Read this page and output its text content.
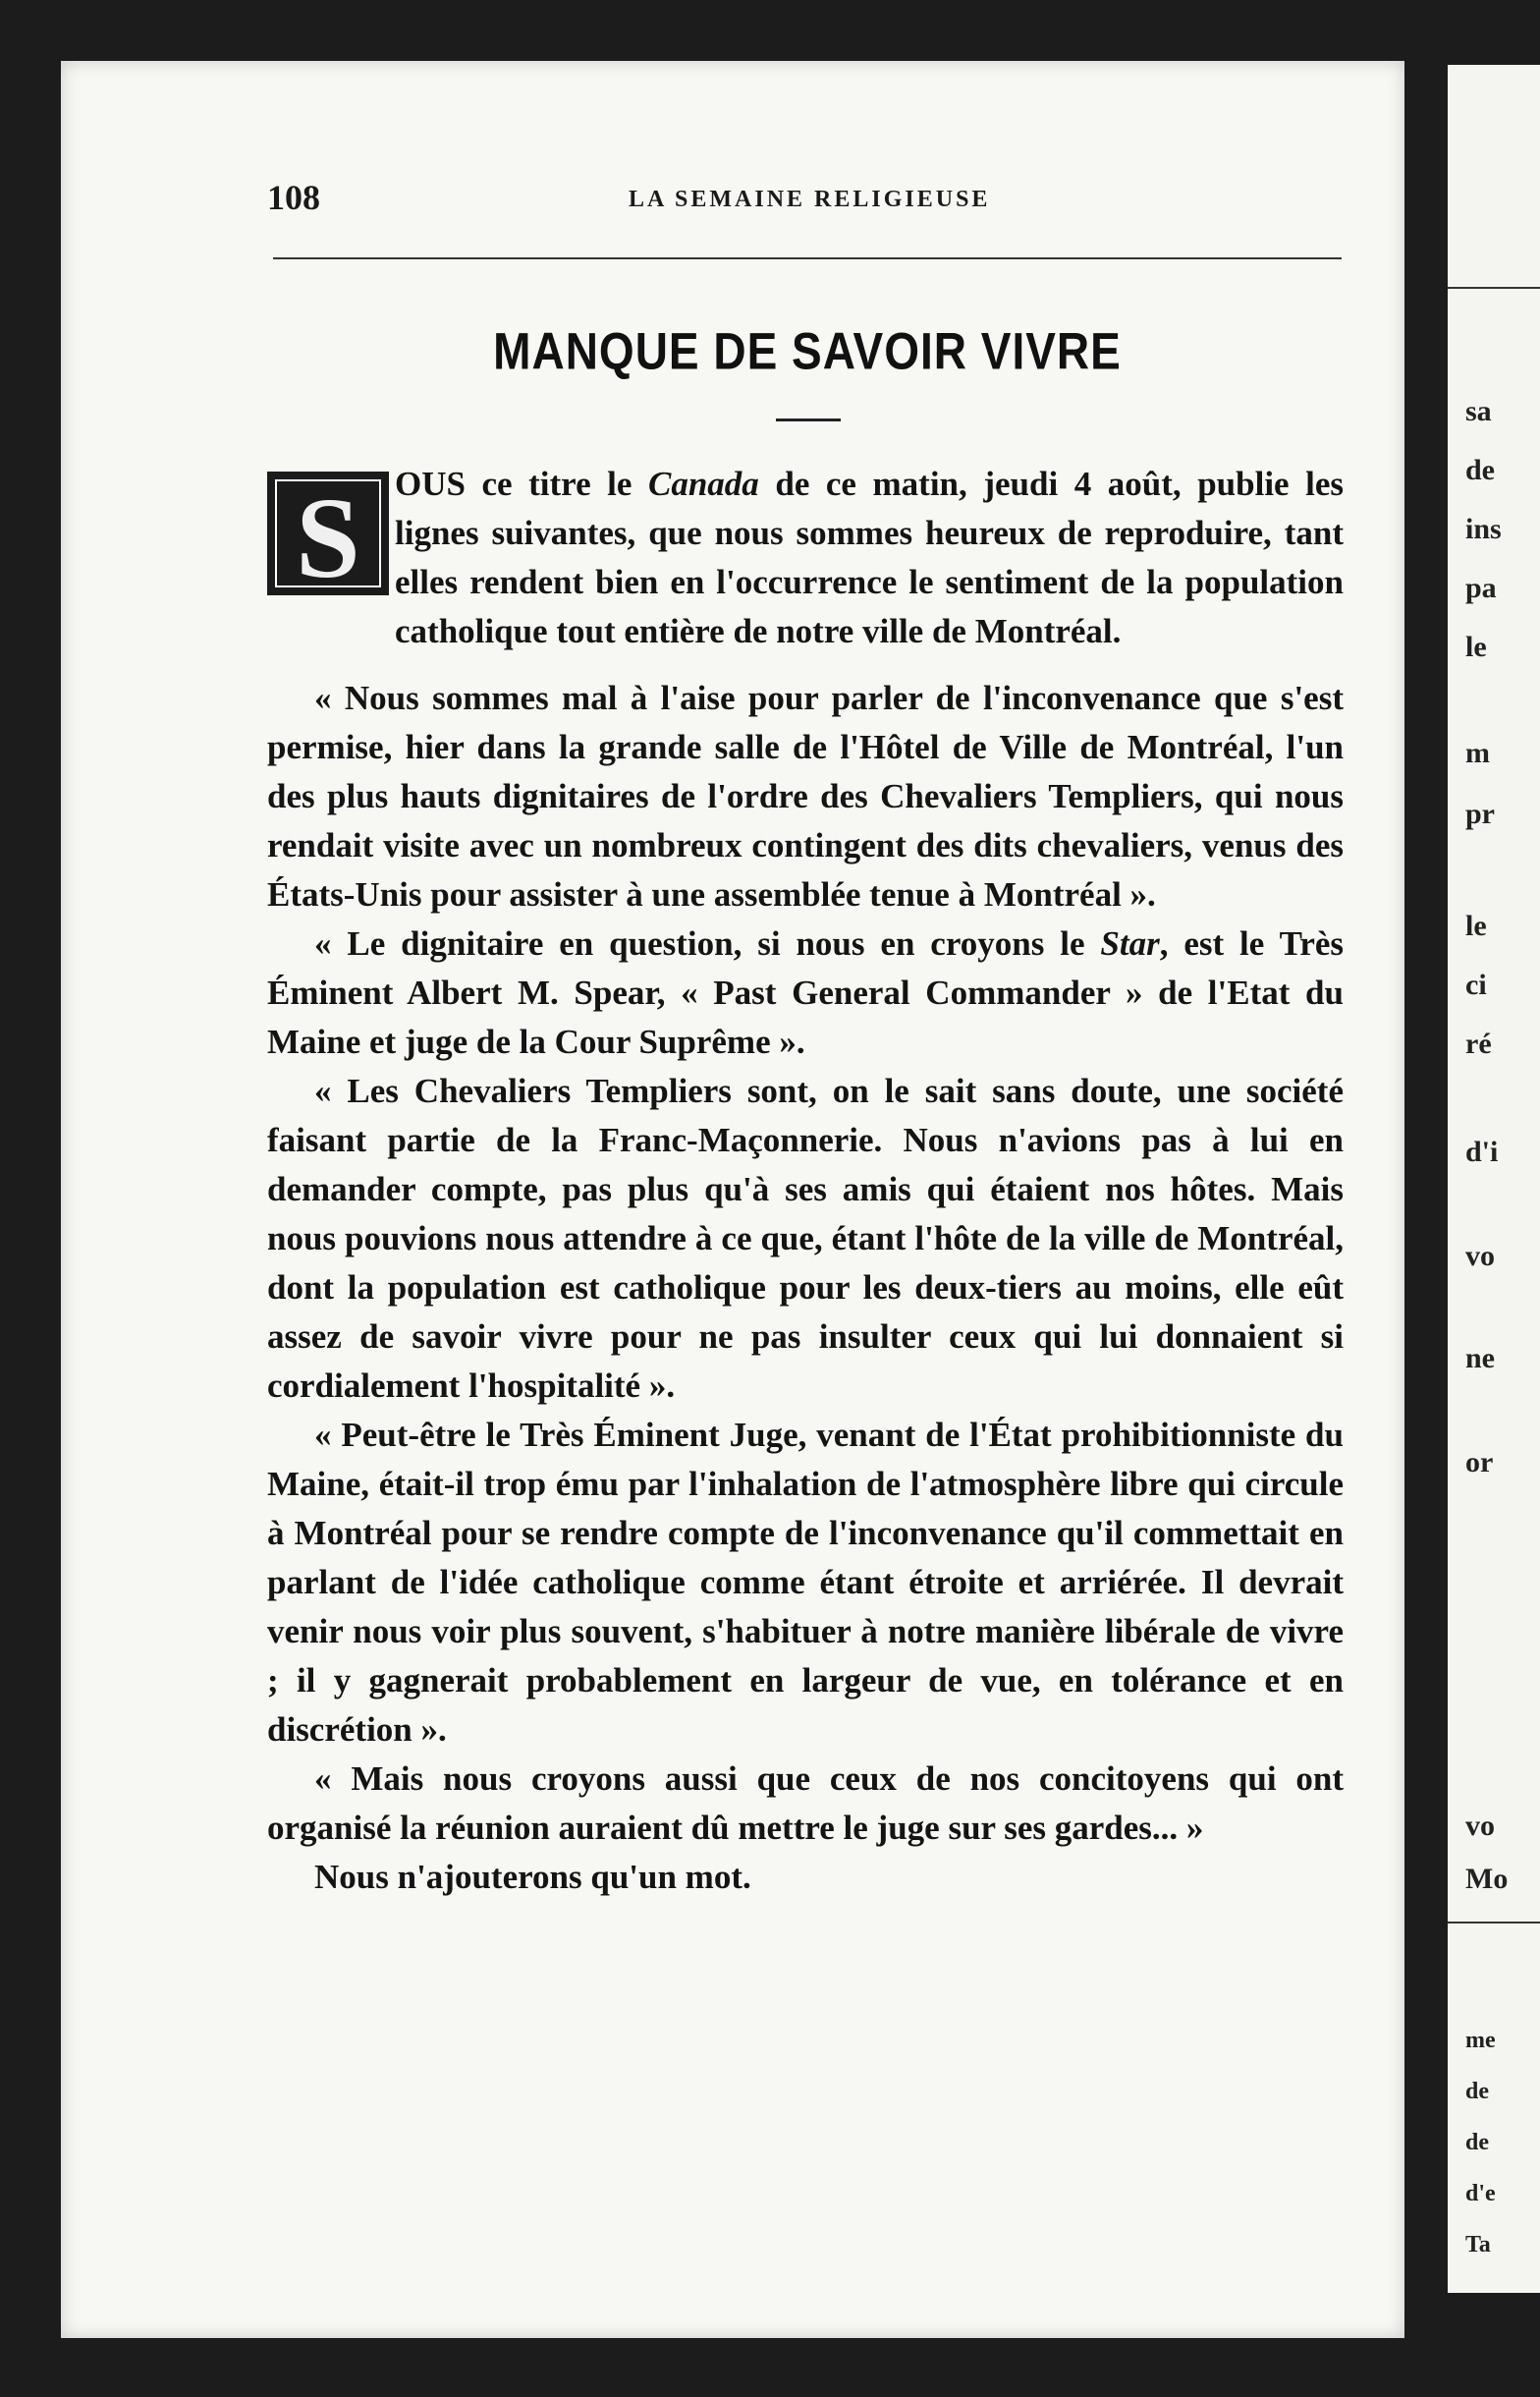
sa
de
ins
pa
le
m
pr
le
ci
ré
d'i
vo
ne
or
vo
Mo
me
de
de
d'e
Ta
108	LA SEMAINE RELIGIEUSE
MANQUE DE SAVOIR VIVRE
S	OUS ce titre le Canada de ce matin, jeudi 4 août, publie les lignes suivantes, que nous sommes heureux de reproduire, tant elles rendent bien en l'occurrence le sentiment de la population catholique tout entière de notre ville de Montréal.

« Nous sommes mal à l'aise pour parler de l'inconvenance que s'est permise, hier dans la grande salle de l'Hôtel de Ville de Montréal, l'un des plus hauts dignitaires de l'ordre des Chevaliers Templiers, qui nous rendait visite avec un nombreux contingent des dits chevaliers, venus des États-Unis pour assister à une assemblée tenue à Montréal ».

« Le dignitaire en question, si nous en croyons le Star, est le Très Éminent Albert M. Spear, « Past General Commander » de l'Etat du Maine et juge de la Cour Suprême ».

« Les Chevaliers Templiers sont, on le sait sans doute, une société faisant partie de la Franc-Maçonnerie. Nous n'avions pas à lui en demander compte, pas plus qu'à ses amis qui étaient nos hôtes. Mais nous pouvions nous attendre à ce que, étant l'hôte de la ville de Montréal, dont la population est catholique pour les deux-tiers au moins, elle eût assez de savoir vivre pour ne pas insulter ceux qui lui donnaient si cordialement l'hospitalité ».

« Peut-être le Très Éminent Juge, venant de l'État prohibitionniste du Maine, était-il trop ému par l'inhalation de l'atmosphère libre qui circule à Montréal pour se rendre compte de l'inconvenance qu'il commettait en parlant de l'idée catholique comme étant étroite et arriérée. Il devrait venir nous voir plus souvent, s'habituer à notre manière libérale de vivre ; il y gagnerait probablement en largeur de vue, en tolérance et en discrétion ».

« Mais nous croyons aussi que ceux de nos concitoyens qui ont organisé la réunion auraient dû mettre le juge sur ses gardes... »

Nous n'ajouterons qu'un mot.
